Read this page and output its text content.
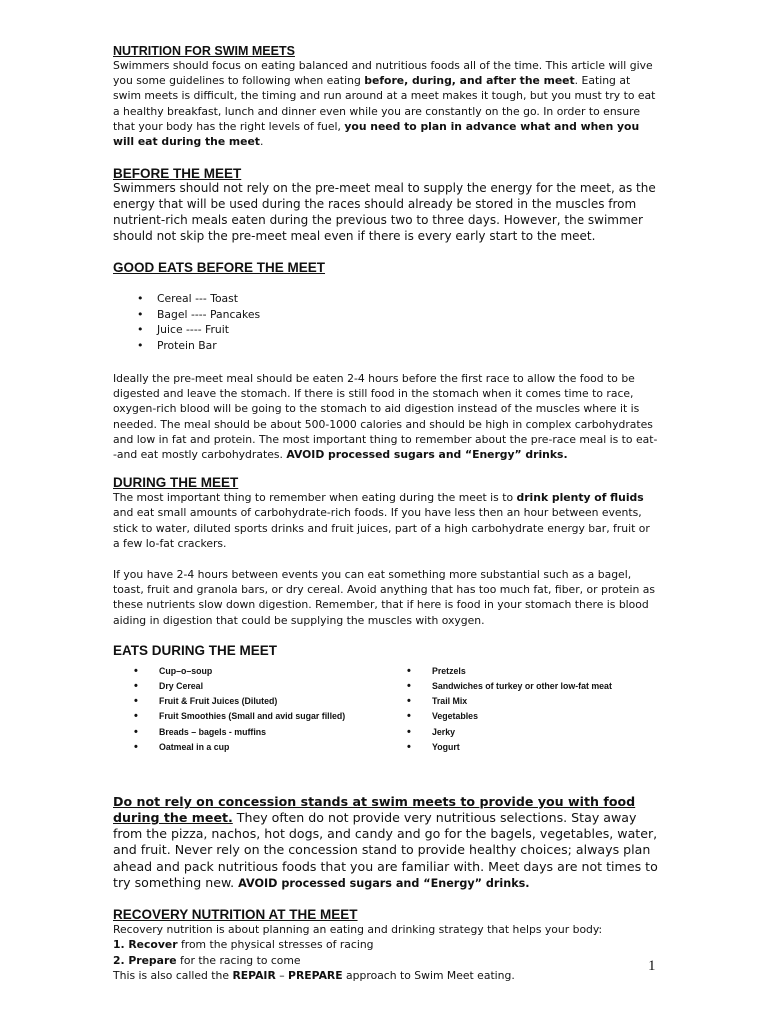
NUTRITION FOR SWIM MEETS

Swimmers should focus on eating balanced and nutritious foods all of the time. This article will give you some guidelines to following when eating before, during, and after the meet. Eating at swim meets is difficult, the timing and run around at a meet makes it tough, but you must try to eat a healthy breakfast, lunch and dinner even while you are constantly on the go. In order to ensure that your body has the right levels of fuel, you need to plan in advance what and when you will eat during the meet.

BEFORE THE MEET

Swimmers should not rely on the pre-meet meal to supply the energy for the meet, as the energy that will be used during the races should already be stored in the muscles from nutrient-rich meals eaten during the previous two to three days. However, the swimmer should not skip the pre-meet meal even if there is every early start to the meet.

GOOD EATS BEFORE THE MEET
• Cereal --- Toast
• Bagel ---- Pancakes
• Juice ---- Fruit
• Protein Bar

Ideally the pre-meet meal should be eaten 2-4 hours before the first race to allow the food to be digested and leave the stomach. If there is still food in the stomach when it comes time to race, oxygen-rich blood will be going to the stomach to aid digestion instead of the muscles where it is needed. The meal should be about 500-1000 calories and should be high in complex carbohydrates and low in fat and protein. The most important thing to remember about the pre-race meal is to eat--and eat mostly carbohydrates. AVOID processed sugars and “Energy” drinks.

DURING THE MEET

The most important thing to remember when eating during the meet is to drink plenty of fluids and eat small amounts of carbohydrate-rich foods. If you have less then an hour between events, stick to water, diluted sports drinks and fruit juices, part of a high carbohydrate energy bar, fruit or a few lo-fat crackers.

If you have 2-4 hours between events you can eat something more substantial such as a bagel, toast, fruit and granola bars, or dry cereal. Avoid anything that has too much fat, fiber, or protein as these nutrients slow down digestion. Remember, that if here is food in your stomach there is blood aiding in digestion that could be supplying the muscles with oxygen.

EATS DURING THE MEET
• Cup–o–soup
• Dry Cereal
• Fruit & Fruit Juices (Diluted)
• Fruit Smoothies (Small and avid sugar filled)
• Breads – bagels - muffins
• Oatmeal in a cup
• Pretzels
• Sandwiches of turkey or other low-fat meat
• Trail Mix
• Vegetables
• Jerky
• Yogurt

Do not rely on concession stands at swim meets to provide you with food during the meet. They often do not provide very nutritious selections. Stay away from the pizza, nachos, hot dogs, and candy and go for the bagels, vegetables, water, and fruit. Never rely on the concession stand to provide healthy choices; always plan ahead and pack nutritious foods that you are familiar with. Meet days are not times to try something new. AVOID processed sugars and “Energy” drinks.

RECOVERY NUTRITION AT THE MEET

Recovery nutrition is about planning an eating and drinking strategy that helps your body:

1. Recover from the physical stresses of racing

2. Prepare for the racing to come

This is also called the REPAIR – PREPARE approach to Swim Meet eating.

1
